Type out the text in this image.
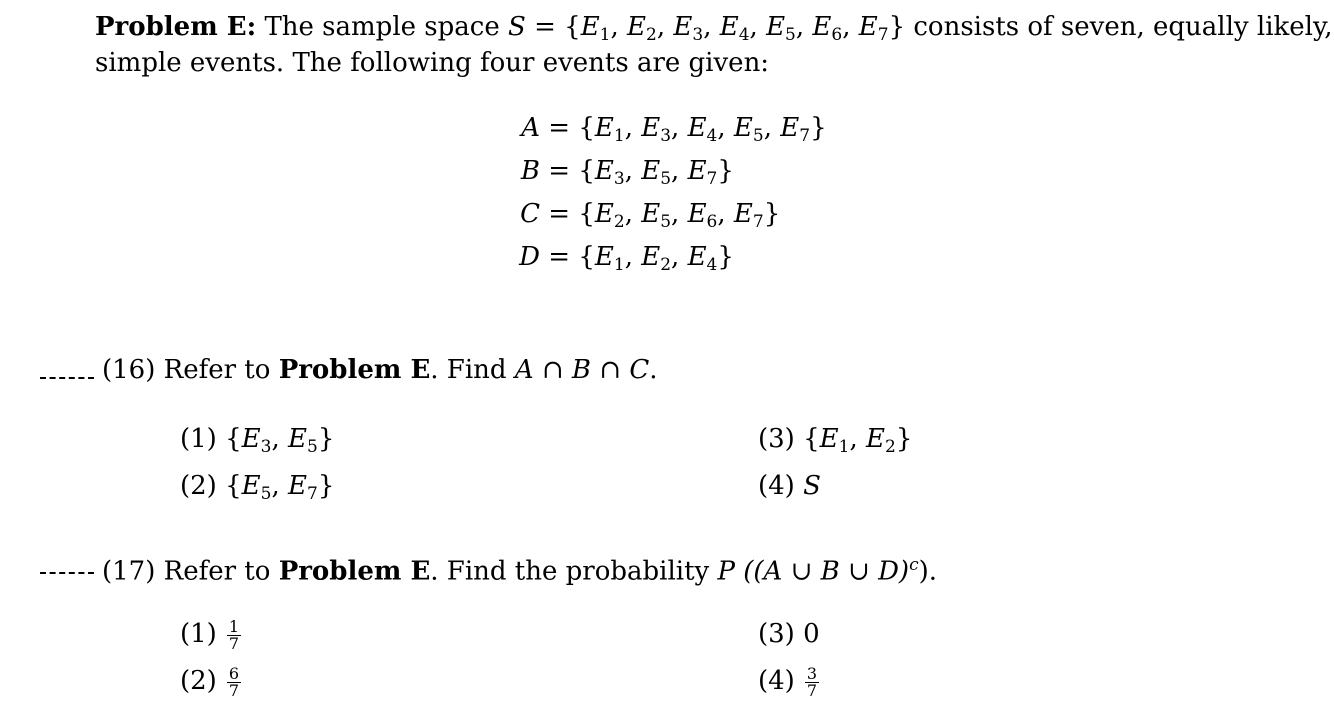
Problem E: The sample space $S = \{E_1$, $E_2$, $E_3$, $E_4$, $E_5$, $E_6$, $E_7$} consists of seven, equally likely,
simple events. The following four events are given:
$A = \{E_1$, $E_3$, $E_4$, $E_5$, $E_7$}
$B = \{E_3$, $E_5$, $E_7$}
$C = \{E_2$, $E_5$, $E_6$, $E_7$}
$D = \{E_1$, $E_2$, $E_4$}
(16) Refer to Problem E. Find A ∩ B ∩ C.
(1) {$E_3$, $E_5$}
(2) {$E_5$, $E_7$}
(3) {$E_1$, $E_2$}
(4) S
(17) Refer to Problem E. Find the probability P ((A ∪ B ∪ D)$^c$).
$(1) \frac{1}{7}$
$(2) \frac{6}{7}$
(3) 0
$(4) \frac{3}{7}$
